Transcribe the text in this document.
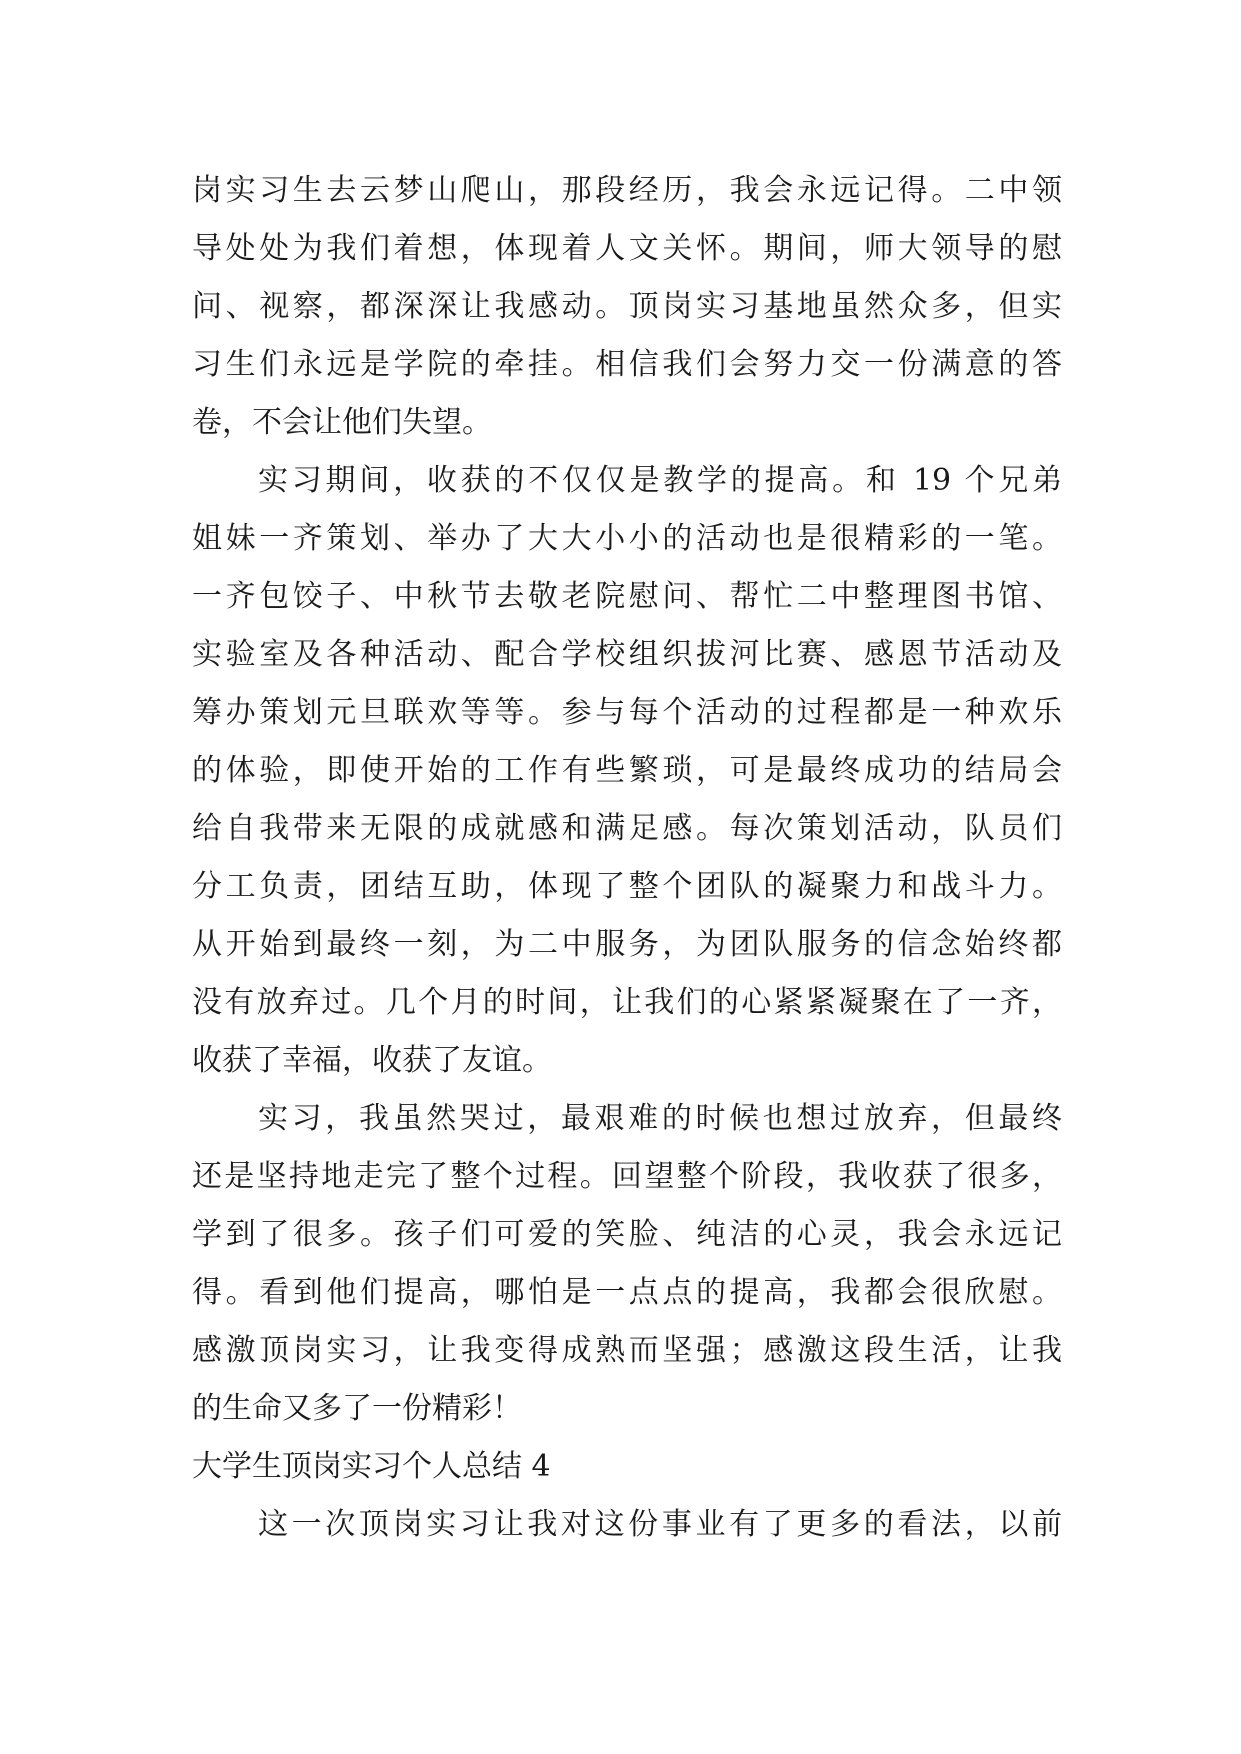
岗实习生去云梦山爬山，那段经历，我会永远记得。二中领
导处处为我们着想，体现着人文关怀。期间，师大领导的慰
问、视察，都深深让我感动。顶岗实习基地虽然众多，但实
习生们永远是学院的牵挂。相信我们会努力交一份满意的答
卷，不会让他们失望。
实习期间，收获的不仅仅是教学的提高。和 19 个兄弟
姐妹一齐策划、举办了大大小小的活动也是很精彩的一笔。
一齐包饺子、中秋节去敬老院慰问、帮忙二中整理图书馆、
实验室及各种活动、配合学校组织拔河比赛、感恩节活动及
筹办策划元旦联欢等等。参与每个活动的过程都是一种欢乐
的体验，即使开始的工作有些繁琐，可是最终成功的结局会
给自我带来无限的成就感和满足感。每次策划活动，队员们
分工负责，团结互助，体现了整个团队的凝聚力和战斗力。
从开始到最终一刻，为二中服务，为团队服务的信念始终都
没有放弃过。几个月的时间，让我们的心紧紧凝聚在了一齐，
收获了幸福，收获了友谊。
实习，我虽然哭过，最艰难的时候也想过放弃，但最终
还是坚持地走完了整个过程。回望整个阶段，我收获了很多，
学到了很多。孩子们可爱的笑脸、纯洁的心灵，我会永远记
得。看到他们提高，哪怕是一点点的提高，我都会很欣慰。
感激顶岗实习，让我变得成熟而坚强；感激这段生活，让我
的生命又多了一份精彩！
大学生顶岗实习个人总结 4
这一次顶岗实习让我对这份事业有了更多的看法，以前
